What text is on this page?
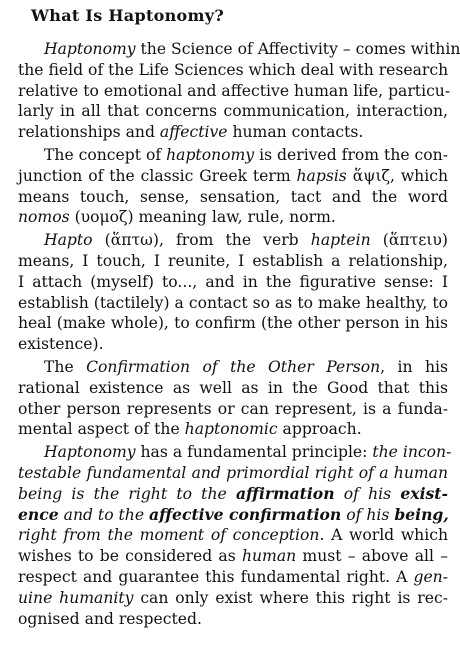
What Is Haptonomy?
Haptonomy the Science of Affectivity – comes within
the field of the Life Sciences which deal with research
relative to emotional and affective human life, particu-
larly in all that concerns communication, interaction,
relationships and affective human contacts.
The concept of haptonomy is derived from the con-
junction of the classic Greek term hapsis ἅψιζ, which
means touch, sense, sensation, tact and the word
nomos (υομοζ) meaning law, rule, norm.
Hapto (ἅπτω), from the verb haptein (ἅπτειυ)
means, I touch, I reunite, I establish a relationship,
I attach (myself) to..., and in the figurative sense: I
establish (tactilely) a contact so as to make healthy, to
heal (make whole), to confirm (the other person in his
existence).
The Confirmation of the Other Person, in his
rational existence as well as in the Good that this
other person represents or can represent, is a funda-
mental aspect of the haptonomic approach.
Haptonomy has a fundamental principle: the incon-
testable fundamental and primordial right of a human
being is the right to the affirmation of his exist-
ence and to the affective confirmation of his being,
right from the moment of conception. A world which
wishes to be considered as human must – above all –
respect and guarantee this fundamental right. A gen-
uine humanity can only exist where this right is rec-
ognised and respected.
